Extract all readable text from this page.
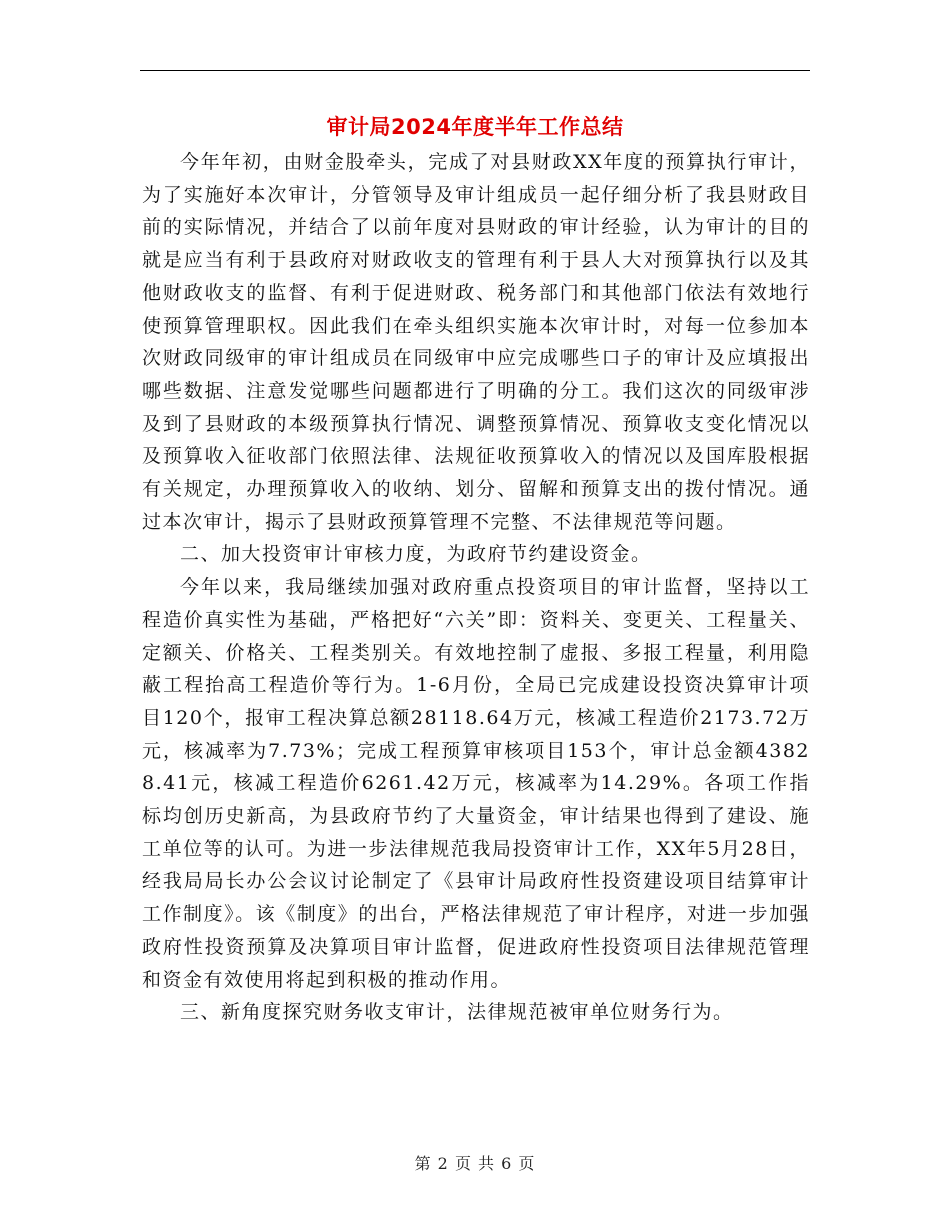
审计局2024年度半年工作总结

今年年初，由财金股牵头，完成了对县财政XX年度的预算执行审计，为了实施好本次审计，分管领导及审计组成员一起仔细分析了我县财政目前的实际情况，并结合了以前年度对县财政的审计经验，认为审计的目的就是应当有利于县政府对财政收支的管理有利于县人大对预算执行以及其他财政收支的监督、有利于促进财政、税务部门和其他部门依法有效地行使预算管理职权。因此我们在牵头组织实施本次审计时，对每一位参加本次财政同级审的审计组成员在同级审中应完成哪些口子的审计及应填报出哪些数据、注意发觉哪些问题都进行了明确的分工。我们这次的同级审涉及到了县财政的本级预算执行情况、调整预算情况、预算收支变化情况以及预算收入征收部门依照法律、法规征收预算收入的情况以及国库股根据有关规定，办理预算收入的收纳、划分、留解和预算支出的拨付情况。通过本次审计，揭示了县财政预算管理不完整、不法律规范等问题。

二、加大投资审计审核力度，为政府节约建设资金。

今年以来，我局继续加强对政府重点投资项目的审计监督，坚持以工程造价真实性为基础，严格把好“六关”即：资料关、变更关、工程量关、定额关、价格关、工程类别关。有效地控制了虚报、多报工程量，利用隐蔽工程抬高工程造价等行为。1-6月份，全局已完成建设投资决算审计项目120个，报审工程决算总额28118.64万元，核减工程造价2173.72万元，核减率为7.73%；完成工程预算审核项目153个，审计总金额43828.41元，核减工程造价6261.42万元，核减率为14.29%。各项工作指标均创历史新高，为县政府节约了大量资金，审计结果也得到了建设、施工单位等的认可。为进一步法律规范我局投资审计工作，XX年5月28日，经我局局长办公会议讨论制定了《县审计局政府性投资建设项目结算审计工作制度》。该《制度》的出台，严格法律规范了审计程序，对进一步加强政府性投资预算及决算项目审计监督，促进政府性投资项目法律规范管理和资金有效使用将起到积极的推动作用。

三、新角度探究财务收支审计，法律规范被审单位财务行为。

第 2 页 共 6 页
